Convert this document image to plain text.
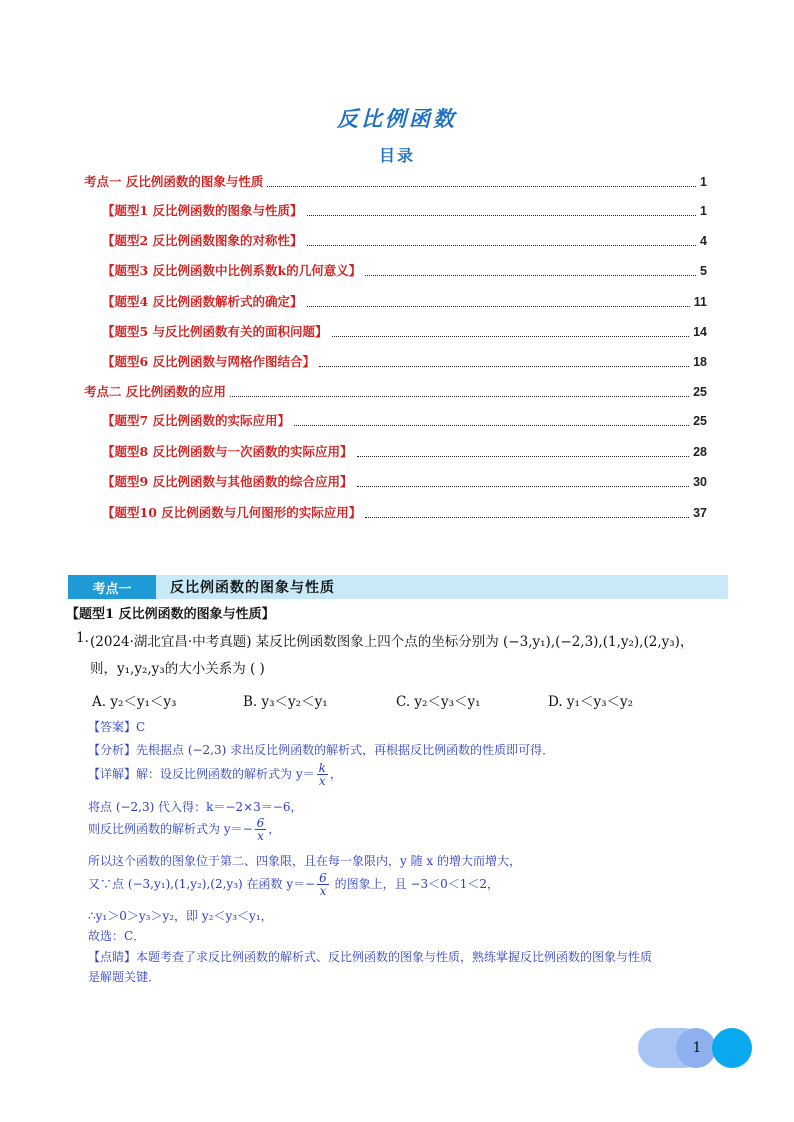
反比例函数
目录
考点一 反比例函数的图象与性质	1
【题型1 反比例函数的图象与性质】	1
【题型2 反比例函数图象的对称性】	4
【题型3 反比例函数中比例系数k的几何意义】	5
【题型4 反比例函数解析式的确定】	11
【题型5 与反比例函数有关的面积问题】	14
【题型6 反比例函数与网格作图结合】	18
考点二 反比例函数的应用	25
【题型7 反比例函数的实际应用】	25
【题型8 反比例函数与一次函数的实际应用】	28
【题型9 反比例函数与其他函数的综合应用】	30
【题型10 反比例函数与几何图形的实际应用】	37
考点一	反比例函数的图象与性质
【题型1 反比例函数的图象与性质】
1. (2024·湖北宜昌·中考真题) 某反比例函数图象上四个点的坐标分别为 (−3,y₁),(−2,3),(1,y₂),(2,y₃)，
则，y₁,y₂,y₃的大小关系为 ( )
A. y₂＜y₁＜y₃	B. y₃＜y₂＜y₁	C. y₂＜y₃＜y₁	D. y₁＜y₃＜y₂
【答案】C
【分析】先根据点 (−2,3) 求出反比例函数的解析式，再根据反比例函数的性质即可得．
【详解】解：设反比例函数的解析式为 $y= \frac{k}{x}$ ，
将点 (−2,3) 代入得：k＝−2×3＝−6，
则反比例函数的解析式为 $y=- \frac{6}{x}$ ，
所以这个函数的图象位于第二、四象限，且在每一象限内，y 随 x 的增大而增大，
又∵点 (−3,y₁),(1,y₂),(2,y₃) 在函数 $y=- \frac{6}{x}$ 的图象上，且 −3＜0＜1＜2，
∴y₁＞0＞y₃＞y₂，即 y₂＜y₃＜y₁，
故选：C．
【点睛】本题考查了求反比例函数的解析式、反比例函数的图象与性质，熟练掌握反比例函数的图象与性质
是解题关键．
1
